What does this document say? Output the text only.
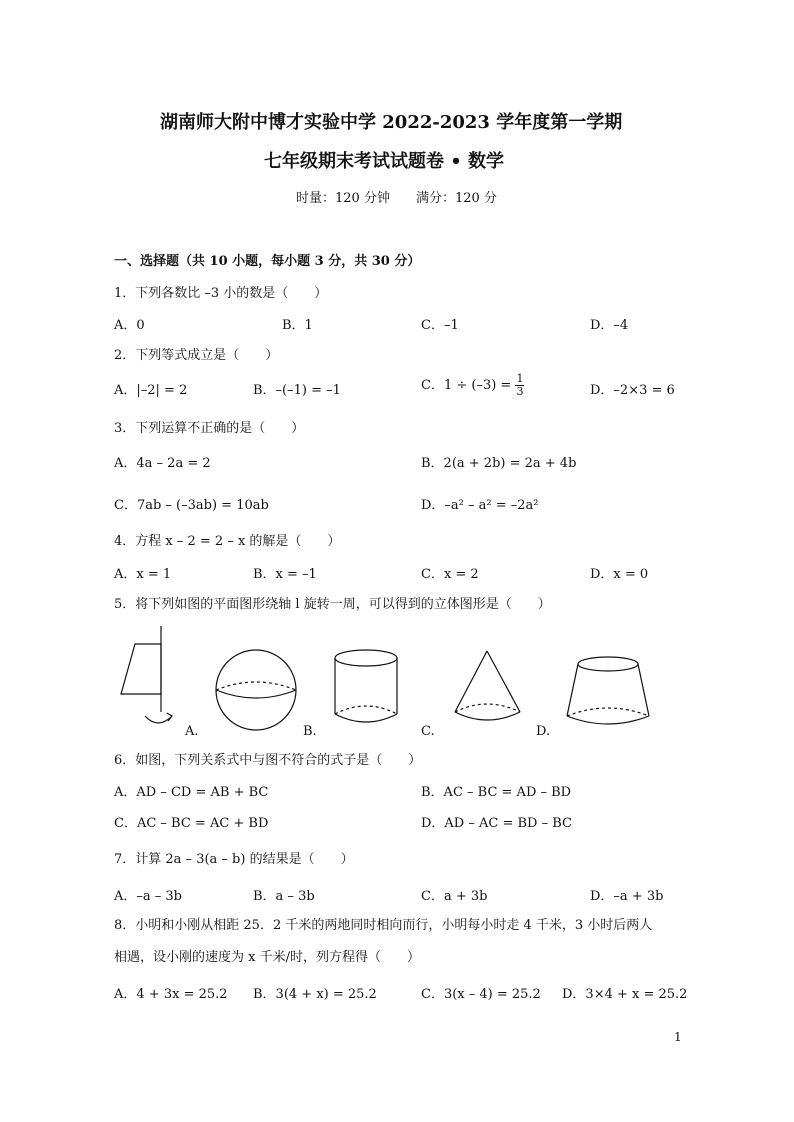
湖南师大附中博才实验中学 2022-2023 学年度第一学期
七年级期末考试试题卷 • 数学
时量：120 分钟　　满分：120 分
一、选择题（共 10 小题，每小题 3 分，共 30 分）
1．下列各数比 –3 小的数是（　　）
A．0	B．1	C．–1	D．–4
2．下列等式成立是（　　）
A．|–2| = 2	B．–(–1) = –1	C．$1 \div (-3) = \frac{1}{3}$	D．–2×3 = 6
3．下列运算不正确的是（　　）
A．4a – 2a = 2	B．2(a + 2b) = 2a + 4b
C．7ab – (–3ab) = 10ab	D．–a² – a² = –2a²
4．方程 x – 2 = 2 – x 的解是（　　）
A．x = 1	B．x = –1	C．x = 2	D．x = 0
5．将下列如图的平面图形绕轴 l 旋转一周，可以得到的立体图形是（　　）
A.	B.	C.	D.
6．如图，下列关系式中与图不符合的式子是（　　）
A．AD – CD = AB + BC	B．AC – BC = AD – BD
C．AC – BC = AC + BD	D．AD – AC = BD – BC
7．计算 2a – 3(a – b) 的结果是（　　）
A．–a – 3b	B．a – 3b	C．a + 3b	D．–a + 3b
8．小明和小刚从相距 25．2 千米的两地同时相向而行，小明每小时走 4 千米，3 小时后两人
相遇，设小刚的速度为 x 千米/时，列方程得（　　）
A．4 + 3x = 25.2 B．3(4 + x) = 25.2	C．3(x – 4) = 25.2 D．3×4 + x = 25.2
1
